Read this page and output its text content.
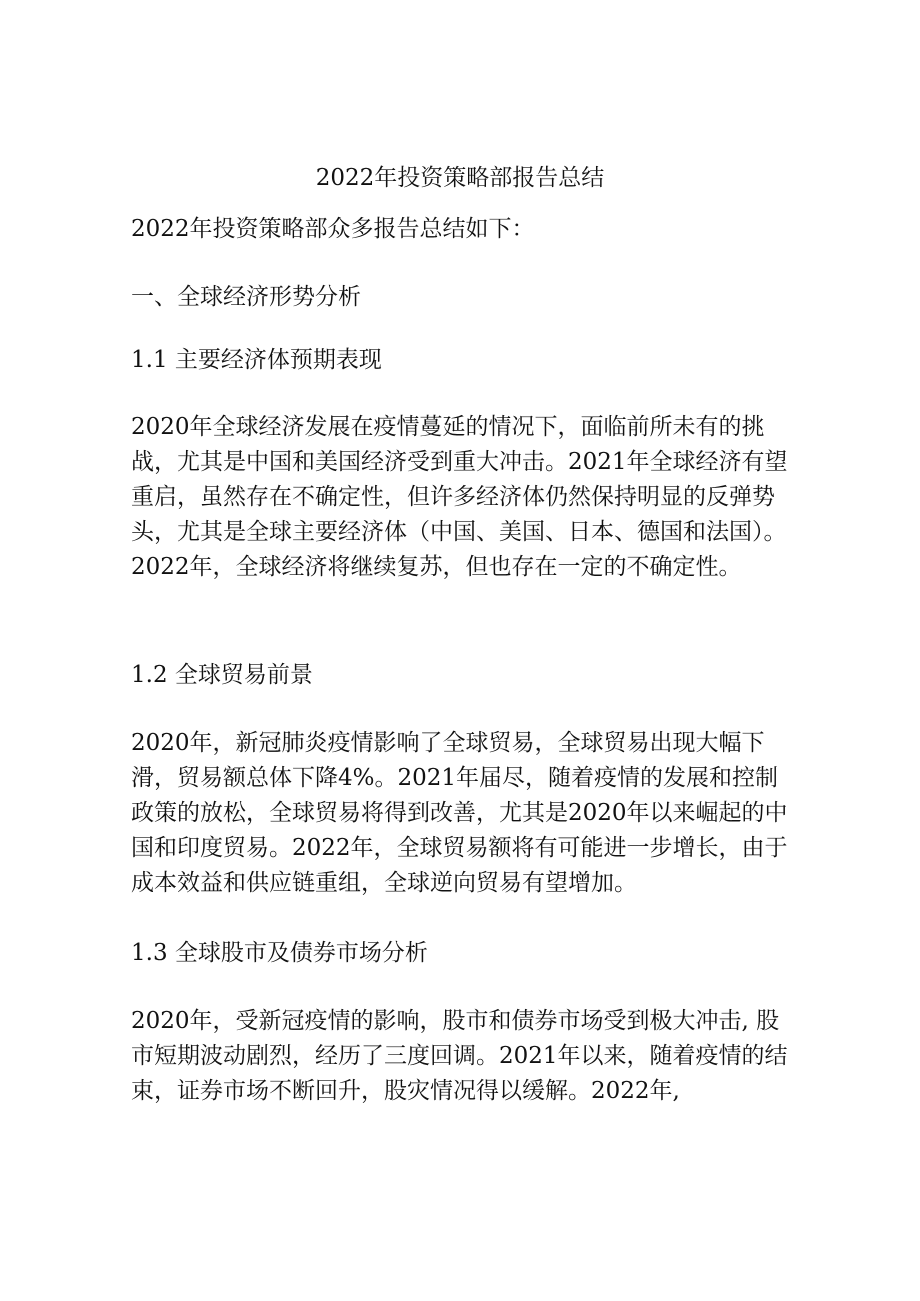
2022年投资策略部报告总结

2022年投资策略部众多报告总结如下：

一、全球经济形势分析

1.1 主要经济体预期表现

2020年全球经济发展在疫情蔓延的情况下，面临前所未有的挑战，尤其是中国和美国经济受到重大冲击。2021年全球经济有望重启，虽然存在不确定性，但许多经济体仍然保持明显的反弹势头，尤其是全球主要经济体（中国、美国、日本、德国和法国）。2022年，全球经济将继续复苏，但也存在一定的不确定性。

1.2 全球贸易前景

2020年，新冠肺炎疫情影响了全球贸易，全球贸易出现大幅下滑，贸易额总体下降4%。2021年届尽，随着疫情的发展和控制政策的放松，全球贸易将得到改善，尤其是2020年以来崛起的中国和印度贸易。2022年，全球贸易额将有可能进一步增长，由于成本效益和供应链重组，全球逆向贸易有望增加。

1.3 全球股市及债券市场分析

2020年，受新冠疫情的影响，股市和债券市场受到极大冲击, 股市短期波动剧烈，经历了三度回调。2021年以来，随着疫情的结束，证券市场不断回升，股灾情况得以缓解。2022年,
